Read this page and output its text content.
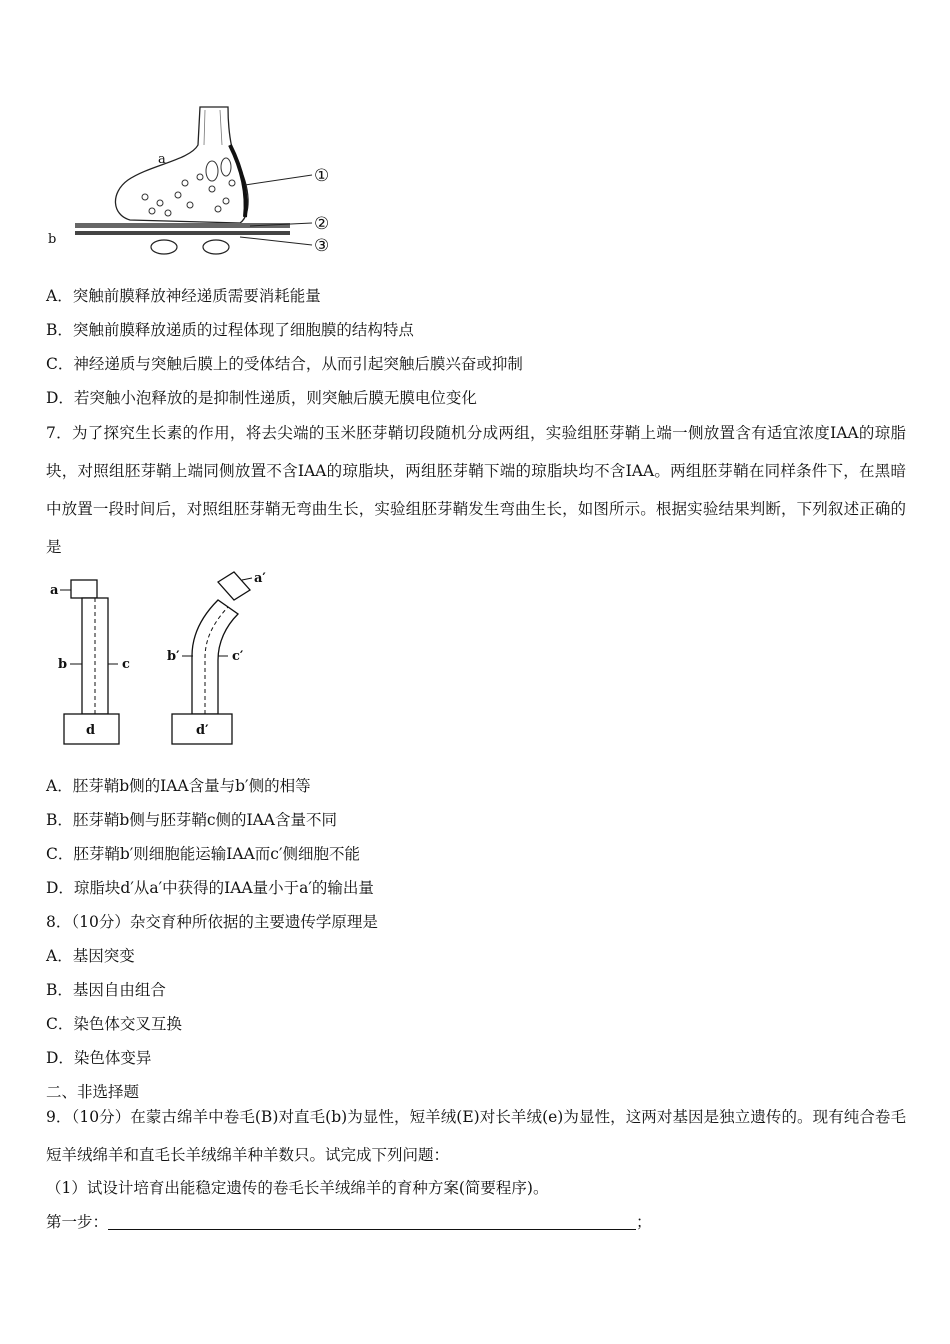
a
b
①
②
③
A．突触前膜释放神经递质需要消耗能量
B．突触前膜释放递质的过程体现了细胞膜的结构特点
C．神经递质与突触后膜上的受体结合，从而引起突触后膜兴奋或抑制
D．若突触小泡释放的是抑制性递质，则突触后膜无膜电位变化
7．为了探究生长素的作用，将去尖端的玉米胚芽鞘切段随机分成两组，实验组胚芽鞘上端一侧放置含有适宜浓度IAA的琼脂块，对照组胚芽鞘上端同侧放置不含IAA的琼脂块，两组胚芽鞘下端的琼脂块均不含IAA。两组胚芽鞘在同样条件下，在黑暗中放置一段时间后，对照组胚芽鞘无弯曲生长，实验组胚芽鞘发生弯曲生长，如图所示。根据实验结果判断，下列叙述正确的是
a
b	c
d
a′
b′	c′
d′
A．胚芽鞘b侧的IAA含量与b′侧的相等
B．胚芽鞘b侧与胚芽鞘c侧的IAA含量不同
C．胚芽鞘b′则细胞能运输IAA而c′侧细胞不能
D．琼脂块d′从a′中获得的IAA量小于a′的输出量
8．（10分）杂交育种所依据的主要遗传学原理是
A．基因突变
B．基因自由组合
C．染色体交叉互换
D．染色体变异
二、非选择题
9．（10分）在蒙古绵羊中卷毛(B)对直毛(b)为显性，短羊绒(E)对长羊绒(e)为显性，这两对基因是独立遗传的。现有纯合卷毛短羊绒绵羊和直毛长羊绒绵羊种羊数只。试完成下列问题：
（1）试设计培育出能稳定遗传的卷毛长羊绒绵羊的育种方案(简要程序)。
第一步：	；
